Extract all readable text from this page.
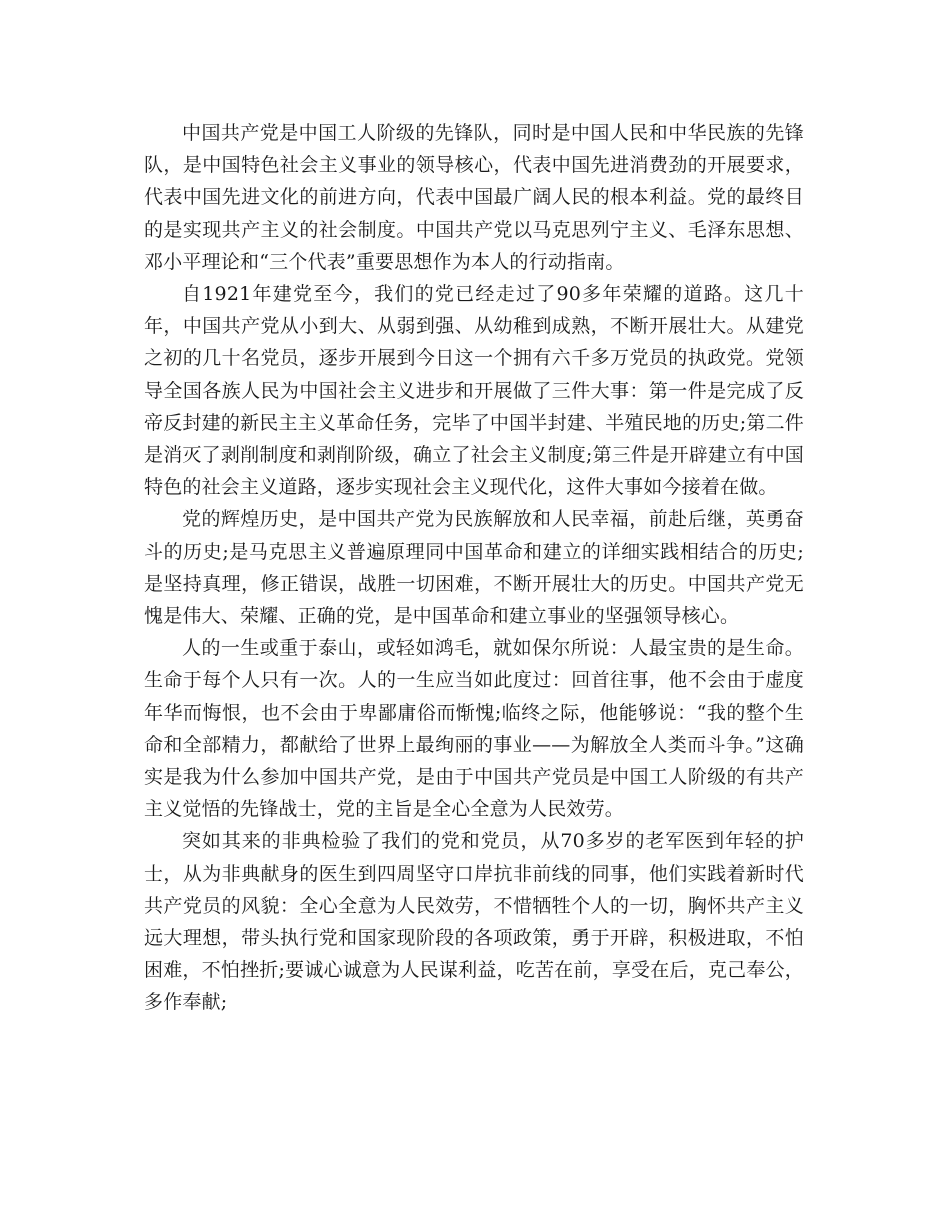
中国共产党是中国工人阶级的先锋队，同时是中国人民和中华民族的先锋队，是中国特色社会主义事业的领导核心，代表中国先进消费劲的开展要求，代表中国先进文化的前进方向，代表中国最广阔人民的根本利益。党的最终目的是实现共产主义的社会制度。中国共产党以马克思列宁主义、毛泽东思想、邓小平理论和“三个代表”重要思想作为本人的行动指南。

自1921年建党至今，我们的党已经走过了90多年荣耀的道路。这几十年，中国共产党从小到大、从弱到强、从幼稚到成熟，不断开展壮大。从建党之初的几十名党员，逐步开展到今日这一个拥有六千多万党员的执政党。党领导全国各族人民为中国社会主义进步和开展做了三件大事：第一件是完成了反帝反封建的新民主主义革命任务，完毕了中国半封建、半殖民地的历史;第二件是消灭了剥削制度和剥削阶级，确立了社会主义制度;第三件是开辟建立有中国特色的社会主义道路，逐步实现社会主义现代化，这件大事如今接着在做。

党的辉煌历史，是中国共产党为民族解放和人民幸福，前赴后继，英勇奋斗的历史;是马克思主义普遍原理同中国革命和建立的详细实践相结合的历史;是坚持真理，修正错误，战胜一切困难，不断开展壮大的历史。中国共产党无愧是伟大、荣耀、正确的党，是中国革命和建立事业的坚强领导核心。

人的一生或重于泰山，或轻如鸿毛，就如保尔所说：人最宝贵的是生命。生命于每个人只有一次。人的一生应当如此度过：回首往事，他不会由于虚度年华而悔恨，也不会由于卑鄙庸俗而惭愧;临终之际，他能够说：“我的整个生命和全部精力，都献给了世界上最绚丽的事业——为解放全人类而斗争。”这确实是我为什么参加中国共产党，是由于中国共产党员是中国工人阶级的有共产主义觉悟的先锋战士，党的主旨是全心全意为人民效劳。

突如其来的非典检验了我们的党和党员，从70多岁的老军医到年轻的护士，从为非典献身的医生到四周坚守口岸抗非前线的同事，他们实践着新时代共产党员的风貌：全心全意为人民效劳，不惜牺牲个人的一切，胸怀共产主义远大理想，带头执行党和国家现阶段的各项政策，勇于开辟，积极进取，不怕困难，不怕挫折;要诚心诚意为人民谋利益，吃苦在前，享受在后，克己奉公，多作奉献;
